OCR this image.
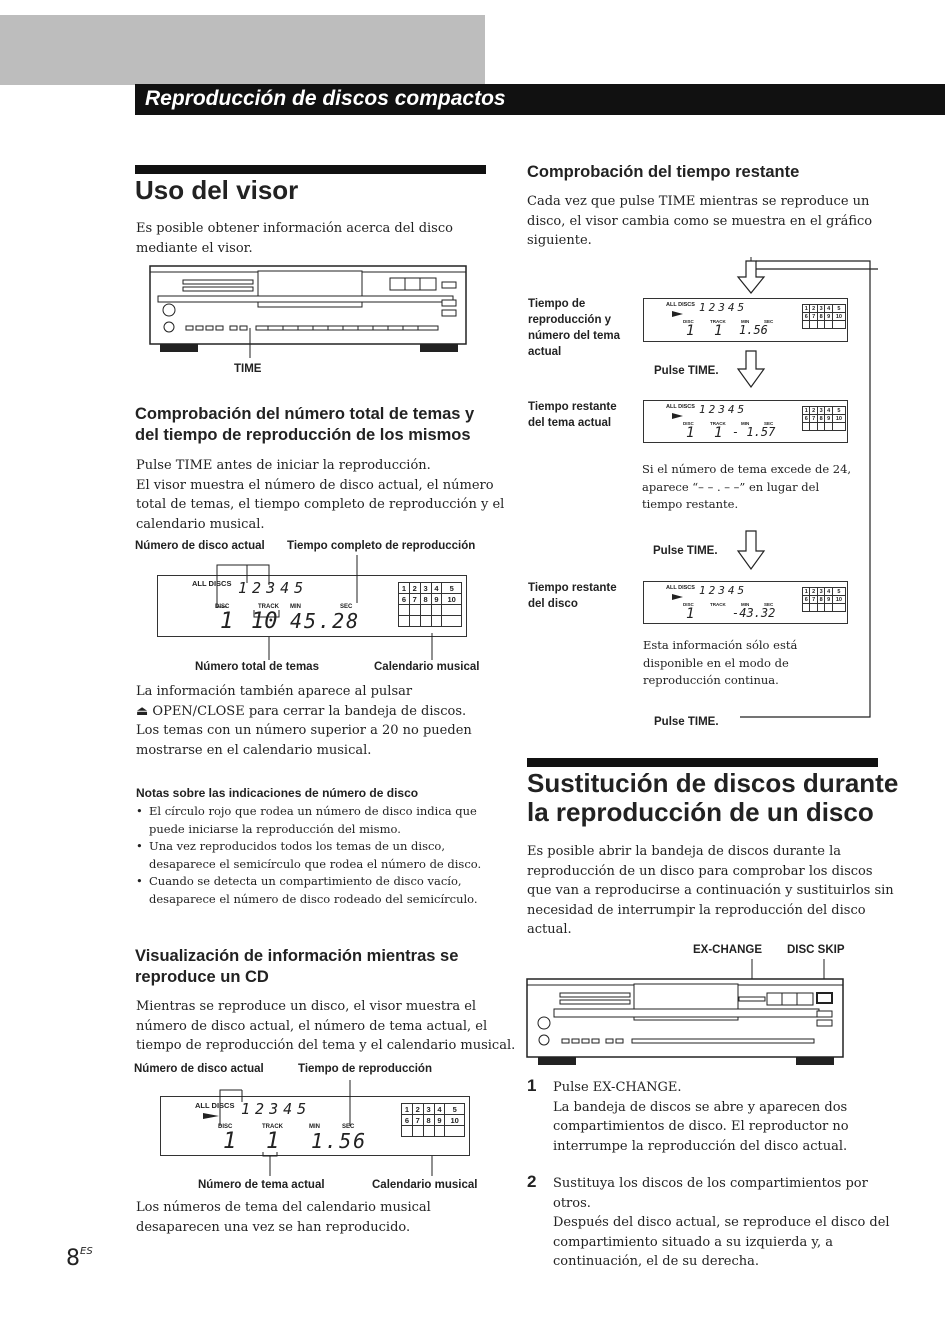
Reproducción de discos compactos
Uso del visor
Es posible obtener información acerca del disco
mediante el visor.
TIME
Comprobación del número total de temas y
del tiempo de reproducción de los mismos
Pulse TIME antes de iniciar la reproducción.
El visor muestra el número de disco actual, el número
total de temas, el tiempo completo de reproducción y el
calendario musical.
Número de disco actual Tiempo completo de reproducción
ALL DISCS 12345
DISC	TRACK MIN	SEC
1 10 45.28
1	2	3	4	5
6	7	8	9	10

Número total de temas	Calendario musical
La información también aparece al pulsar
⏏ OPEN/CLOSE para cerrar la bandeja de discos.
Los temas con un número superior a 20 no pueden
mostrarse en el calendario musical.
Notas sobre las indicaciones de número de disco
• El círculo rojo que rodea un número de disco indica que
puede iniciarse la reproducción del mismo.
• Una vez reproducidos todos los temas de un disco,
desaparece el semicírculo que rodea el número de disco.
• Cuando se detecta un compartimiento de disco vacío,
desaparece el número de disco rodeado del semicírculo.
Visualización de información mientras se
reproduce un CD
Mientras se reproduce un disco, el visor muestra el
número de disco actual, el número de tema actual, el
tiempo de reproducción del tema y el calendario musical.
Número de disco actual	Tiempo de reproducción
ALL DISCS 12345
DISC	TRACK	MIN	SEC
1 1 1.56
1	2	3	4	5
6	7	8	9	10

Número de tema actual	Calendario musical
Los números de tema del calendario musical
desaparecen una vez se han reproducido.
$8^{ES}$
Comprobación del tiempo restante
Cada vez que pulse TIME mientras se reproduce un
disco, el visor cambia como se muestra en el gráfico
siguiente.
Tiempo de
reproducción y
número del tema
actual
ALL DISCS 12345
DISC	TRACK	MIN	SEC
1 1 1.56
1	2	3	4	5
6	7	8	9	10

Pulse TIME.
Tiempo restante
del tema actual
ALL DISCS 12345
DISC	TRACK	MIN	SEC
1 1 - 1.57
1	2	3	4	5
6	7	8	9	10

Si el número de tema excede de 24,
aparece “– – . – –” en lugar del
tiempo restante.
Pulse TIME.
Tiempo restante
del disco
ALL DISCS 12345
DISC	TRACK	MIN	SEC
1	-43.32
1	2	3	4	5
6	7	8	9	10

Esta información sólo está
disponible en el modo de
reproducción continua.
Pulse TIME.
Sustitución de discos durante
la reproducción de un disco
Es posible abrir la bandeja de discos durante la
reproducción de un disco para comprobar los discos
que van a reproducirse a continuación y sustituirlos sin
necesidad de interrumpir la reproducción del disco
actual.
EX-CHANGE DISC SKIP
1 Pulse EX-CHANGE.
La bandeja de discos se abre y aparecen dos
compartimientos de disco. El reproductor no
interrumpe la reproducción del disco actual.
2 Sustituya los discos de los compartimientos por
otros.
Después del disco actual, se reproduce el disco del
compartimiento situado a su izquierda y, a
continuación, el de su derecha.
